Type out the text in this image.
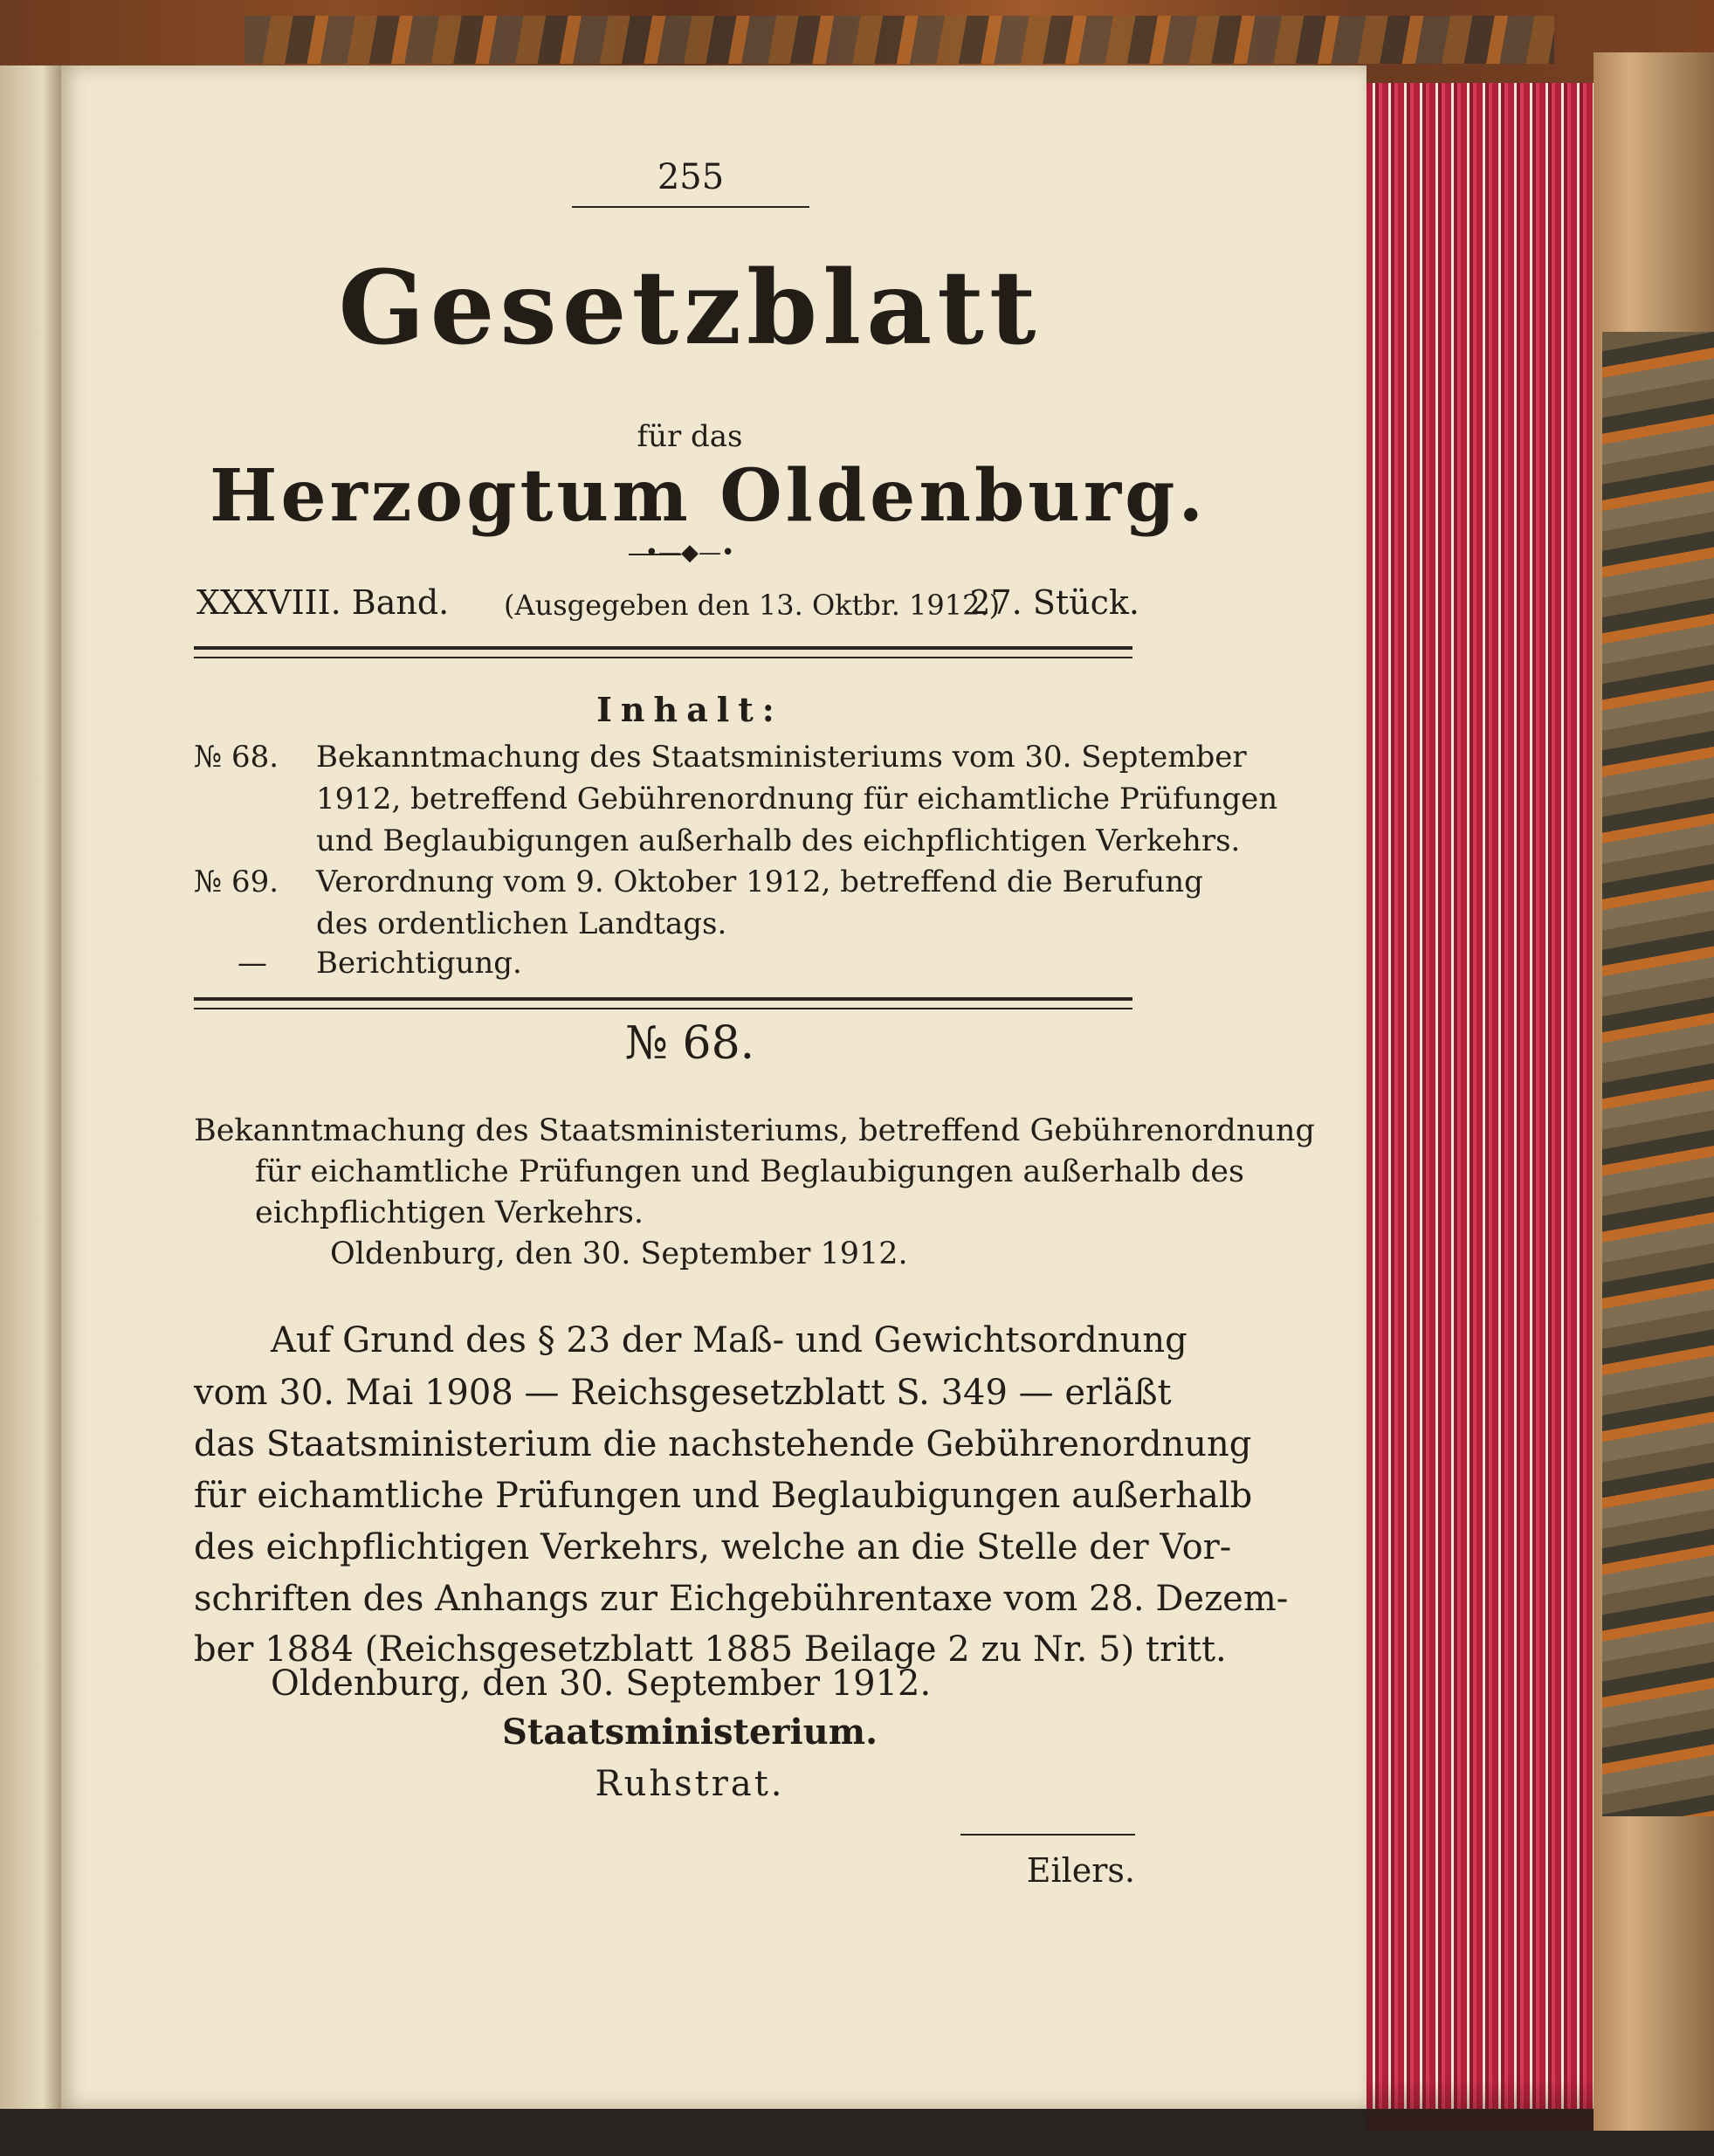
255
Gesetzblatt
für das
Herzogtum Oldenburg.
•—◆—•
XXXVIII. Band. (Ausgegeben den 13. Oktbr. 1912.)
27. Stück.
Inhalt:
№ 68. Bekanntmachung des Staatsministeriums vom 30. September
1912, betreffend Gebührenordnung für eichamtliche Prüfungen
und Beglaubigungen außerhalb des eichpflichtigen Verkehrs.
№ 69. Verordnung vom 9. Oktober 1912, betreffend die Berufung
des ordentlichen Landtags.
— Berichtigung.
№ 68.
Bekanntmachung des Staatsministeriums, betreffend Gebührenordnung
für eichamtliche Prüfungen und Beglaubigungen außerhalb des
eichpflichtigen Verkehrs.
Oldenburg, den 30. September 1912.
Auf Grund des § 23 der Maß- und Gewichtsordnung
vom 30. Mai 1908 — Reichsgesetzblatt S. 349 — erläßt
das Staatsministerium die nachstehende Gebührenordnung
für eichamtliche Prüfungen und Beglaubigungen außerhalb
des eichpflichtigen Verkehrs, welche an die Stelle der Vor-
schriften des Anhangs zur Eichgebührentaxe vom 28. Dezem-
ber 1884 (Reichsgesetzblatt 1885 Beilage 2 zu Nr. 5) tritt.
Oldenburg, den 30. September 1912.
Staatsministerium.
Ruhstrat.
Eilers.
